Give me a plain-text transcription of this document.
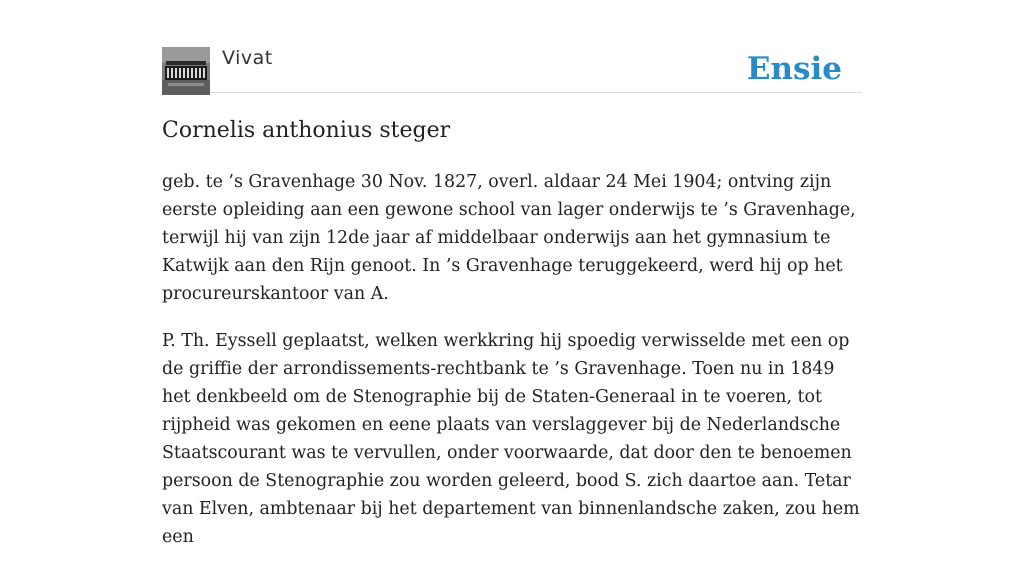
Vivat	Ensie
Cornelis anthonius steger

geb. te ’s Gravenhage 30 Nov. 1827, overl. aldaar 24 Mei 1904; ontving zijn eerste opleiding aan een gewone school van lager onderwijs te ’s Gravenhage, terwijl hij van zijn 12de jaar af middelbaar onderwijs aan het gymnasium te Katwijk aan den Rijn genoot. In ’s Gravenhage teruggekeerd, werd hij op het procureurskantoor van A.

P. Th. Eyssell geplaatst, welken werkkring hij spoedig verwisselde met een op de griffie der arrondissements-rechtbank te ’s Gravenhage. Toen nu in 1849 het denkbeeld om de Stenographie bij de Staten-Generaal in te voeren, tot rijpheid was gekomen en eene plaats van verslaggever bij de Nederlandsche Staatscourant was te vervullen, onder voorwaarde, dat door den te benoemen persoon de Stenographie zou worden geleerd, bood S. zich daartoe aan. Tetar van Elven, ambtenaar bij het departement van binnenlandsche zaken, zou hem een
